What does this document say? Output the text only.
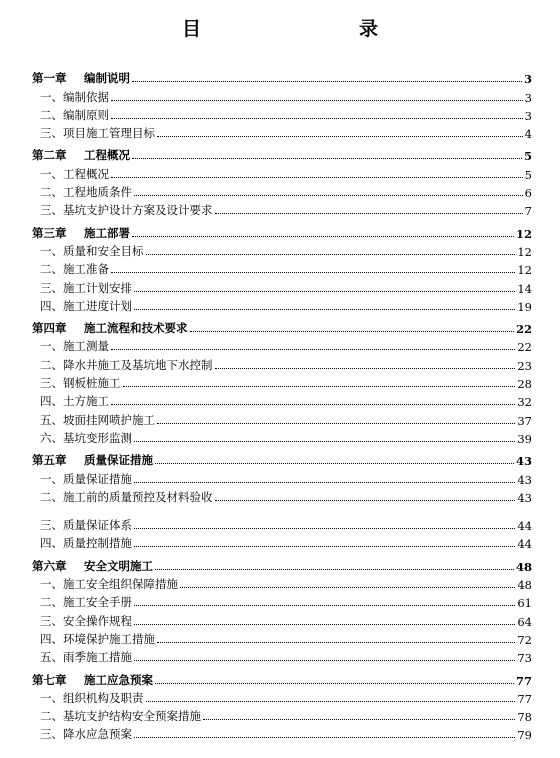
目　　录
第一章 编制说明	3
一、编制依据	3
二、编制原则	3
三、项目施工管理目标	4
第二章 工程概况	5
一、工程概况	5
二、工程地质条件	6
三、基坑支护设计方案及设计要求	7
第三章 施工部署	12
一、质量和安全目标	12
二、施工准备	12
三、施工计划安排	14
四、施工进度计划	19
第四章 施工流程和技术要求	22
一、施工测量	22
二、降水井施工及基坑地下水控制	23
三、钢板桩施工	28
四、土方施工	32
五、坡面挂网喷护施工	37
六、基坑变形监测	39
第五章 质量保证措施	43
一、质量保证措施	43
二、施工前的质量预控及材料验收	43
三、质量保证体系	44
四、质量控制措施	44
第六章 安全文明施工	48
一、施工安全组织保障措施	48
二、施工安全手册	61
三、安全操作规程	64
四、环境保护施工措施	72
五、雨季施工措施	73
第七章 施工应急预案	77
一、组织机构及职责	77
二、基坑支护结构安全预案措施	78
三、降水应急预案	79
